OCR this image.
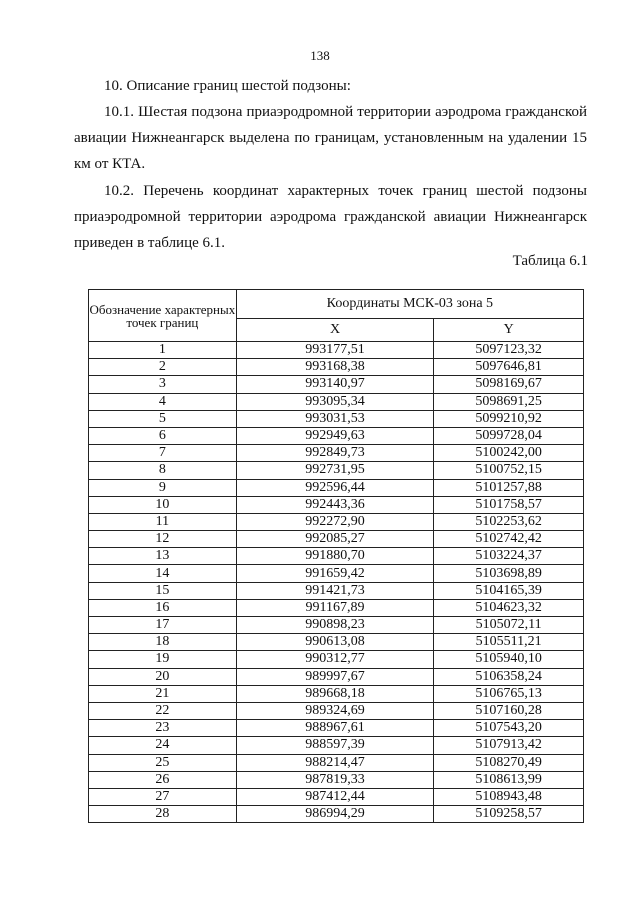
138
10. Описание границ шестой подзоны:
10.1. Шестая подзона приаэродромной территории аэродрома гражданской авиации Нижнеангарск выделена по границам, установленным на удалении 15 км от КТА.
10.2. Перечень координат характерных точек границ шестой подзоны приаэродромной территории аэродрома гражданской авиации Нижнеангарск приведен в таблице 6.1.
Таблица 6.1
Обозначение характерных точек границ	Координаты МСК-03 зона 5	
	X	Y
1	993177,51	5097123,32
2	993168,38	5097646,81
3	993140,97	5098169,67
4	993095,34	5098691,25
5	993031,53	5099210,92
6	992949,63	5099728,04
7	992849,73	5100242,00
8	992731,95	5100752,15
9	992596,44	5101257,88
10	992443,36	5101758,57
11	992272,90	5102253,62
12	992085,27	5102742,42
13	991880,70	5103224,37
14	991659,42	5103698,89
15	991421,73	5104165,39
16	991167,89	5104623,32
17	990898,23	5105072,11
18	990613,08	5105511,21
19	990312,77	5105940,10
20	989997,67	5106358,24
21	989668,18	5106765,13
22	989324,69	5107160,28
23	988967,61	5107543,20
24	988597,39	5107913,42
25	988214,47	5108270,49
26	987819,33	5108613,99
27	987412,44	5108943,48
28	986994,29	5109258,57
